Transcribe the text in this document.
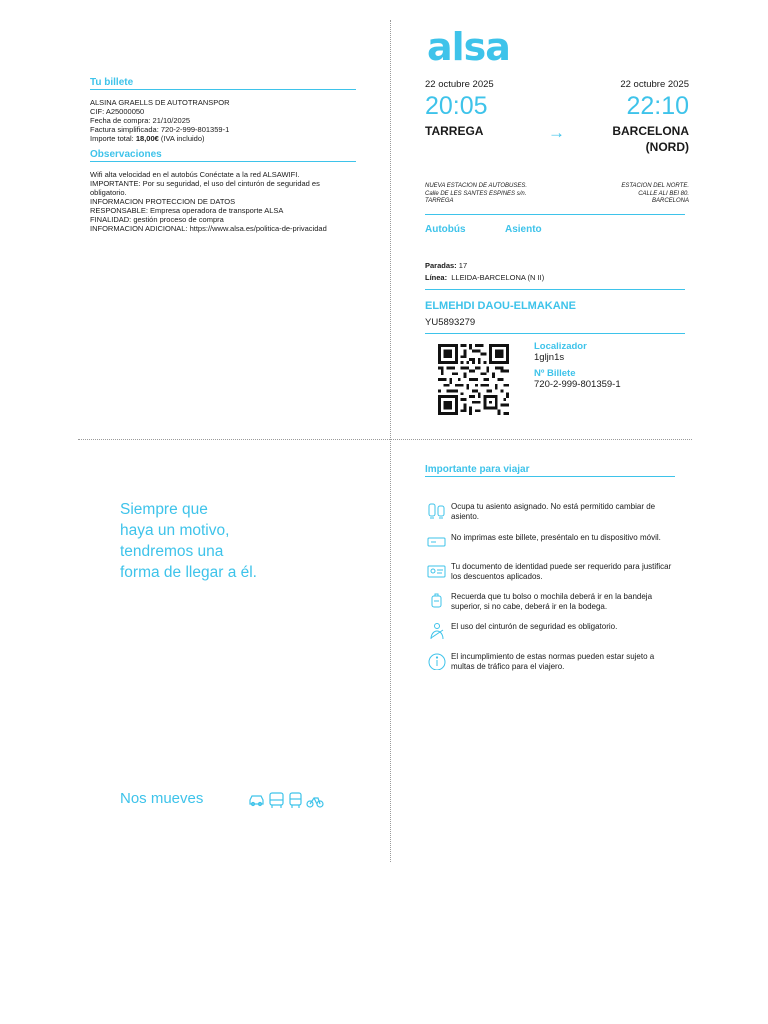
Tu billete
ALSINA GRAELLS DE AUTOTRANSPOR
CIF: A25000050
Fecha de compra: 21/10/2025
Factura simplificada: 720-2-999-801359-1
Importe total: 18,00€ (IVA incluido)
Observaciones
Wifi alta velocidad en el autobús Conéctate a la red ALSAWIFI.
IMPORTANTE: Por su seguridad, el uso del cinturón de seguridad es
obligatorio.
INFORMACION PROTECCION DE DATOS
RESPONSABLE: Empresa operadora de transporte ALSA
FINALIDAD: gestión proceso de compra
INFORMACION ADICIONAL: https://www.alsa.es/politica-de-privacidad
alsa
22 octubre 2025	22 octubre 2025
20:05	22:10
TARREGA	→	BARCELONA
(NORD)
NUEVA ESTACION DE AUTOBUSES.
Calle DE LES SANTES ESPINES s/n.
TARREGA
ESTACION DEL NORTE.
CALLE ALI BEI 80.
BARCELONA
Autobús	Asiento
Paradas: 17
Línea: LLEIDA-BARCELONA (N II)
ELMEHDI DAOU-ELMAKANE
YU5893279
Localizador
1gljn1s
Nº Billete
720-2-999-801359-1
Importante para viajar
Ocupa tu asiento asignado. No está permitido cambiar de
asiento.
No imprimas este billete, preséntalo en tu dispositivo móvil.
Tu documento de identidad puede ser requerido para justificar
los descuentos aplicados.
Recuerda que tu bolso o mochila deberá ir en la bandeja
superior, si no cabe, deberá ir en la bodega.
El uso del cinturón de seguridad es obligatorio.
El incumplimiento de estas normas pueden estar sujeto a
multas de tráfico para el viajero.
Siempre que
haya un motivo,
tendremos una
forma de llegar a él.
Nos mueves
